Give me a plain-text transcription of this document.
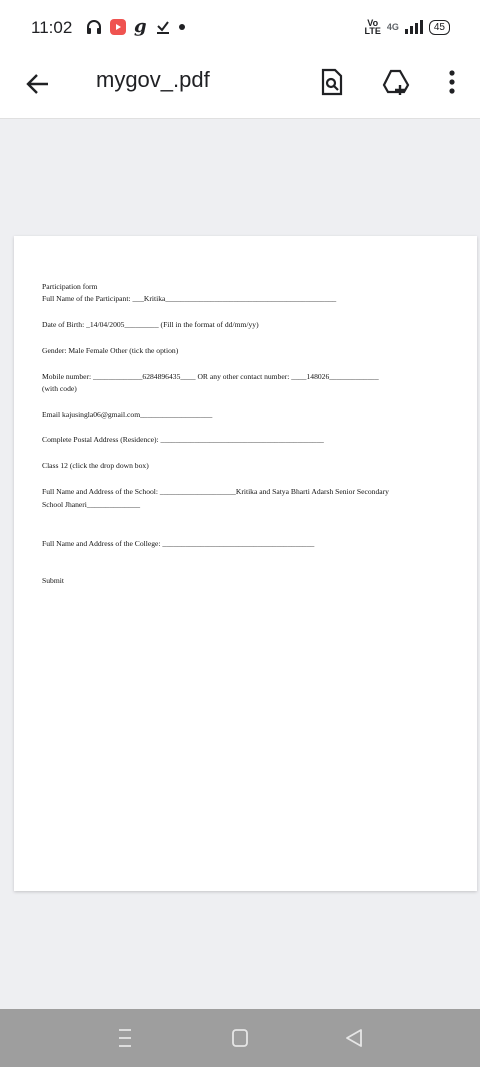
11:02	g	Vo
LTE 4G	45
mygov_.pdf
Participation form
Full Name of the Participant: ___Kritika_____________________________________________
Date of Birth: _14/04/2005_________ (Fill in the format of dd/mm/yy)
Gender: Male Female Other (tick the option)
Mobile number: _____________6284896435____ OR any other contact number: ____148026_____________
(with code)
Email kajusingla06@gmail.com___________________
Complete Postal Address (Residence): ___________________________________________
Class 12 (click the drop down box)
Full Name and Address of the School: ____________________Kritika and Satya Bharti Adarsh Senior Secondary
School Jhaneri______________
Full Name and Address of the College: ________________________________________
Submit
